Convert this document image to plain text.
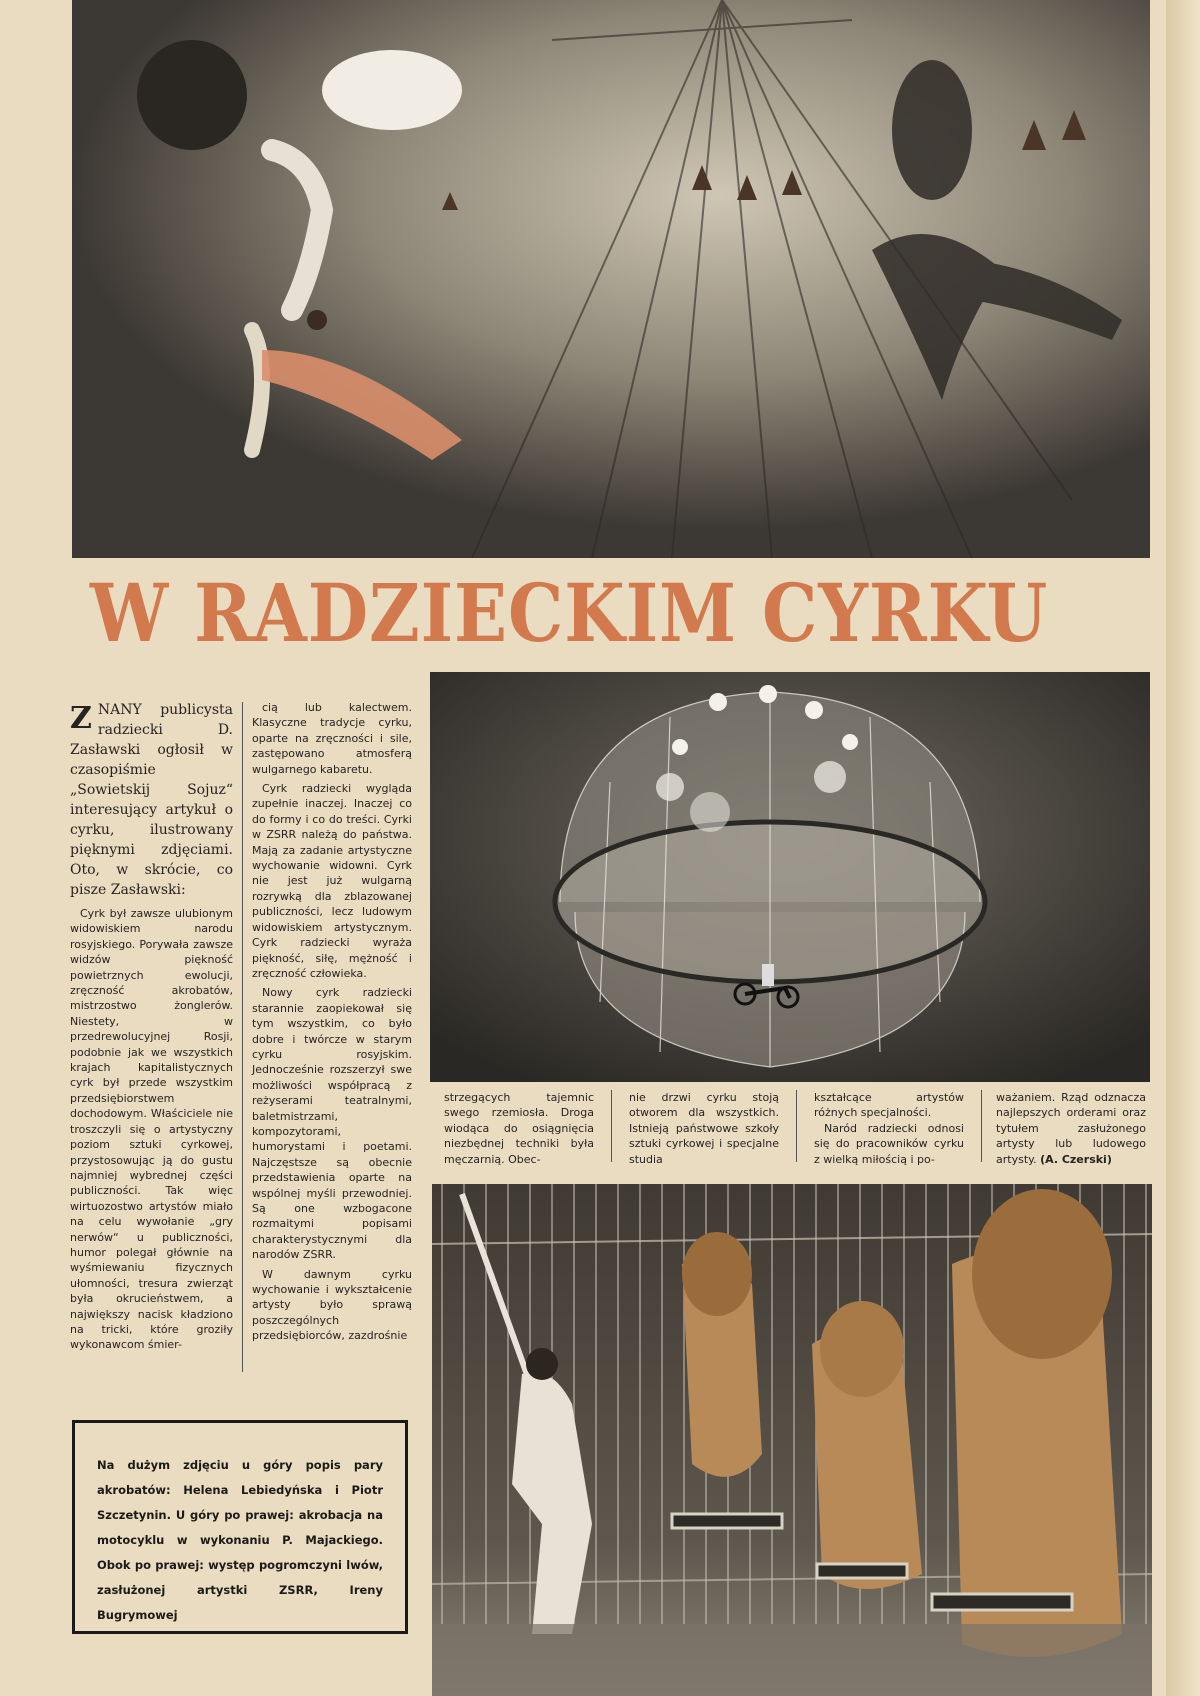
W RADZIECKIM CYRKU

ZNANY publicysta radziecki D. Zasławski ogłosił w czasopiśmie „Sowietskij Sojuz“ interesujący artykuł o cyrku, ilustrowany pięknymi zdjęciami. Oto, w skrócie, co pisze Zasławski:

Cyrk był zawsze ulubionym widowiskiem narodu rosyjskiego. Porywała zawsze widzów piękność powietrznych ewolucji, zręczność akrobatów, mistrzostwo żonglerów. Niestety, w przedrewolucyjnej Rosji, podobnie jak we wszystkich krajach kapitalistycznych cyrk był przede wszystkim przedsiębiorstwem dochodowym. Właściciele nie troszczyli się o artystyczny poziom sztuki cyrkowej, przystosowując ją do gustu najmniej wybrednej części publiczności. Tak więc wirtuozostwo artystów miało na celu wywołanie „gry nerwów“ u publiczności, humor polegał głównie na wyśmiewaniu fizycznych ułomności, tresura zwierząt była okrucieństwem, a największy nacisk kładziono na tricki, które groziły wykonawcom śmier-

cią lub kalectwem. Klasyczne tradycje cyrku, oparte na zręczności i sile, zastępowano atmosferą wulgarnego kabaretu.

Cyrk radziecki wygląda zupełnie inaczej. Inaczej co do formy i co do treści. Cyrki w ZSRR należą do państwa. Mają za zadanie artystyczne wychowanie widowni. Cyrk nie jest już wulgarną rozrywką dla zblazowanej publiczności, lecz ludowym widowiskiem artystycznym. Cyrk radziecki wyraża piękność, siłę, mężność i zręczność człowieka.

Nowy cyrk radziecki starannie zaopiekował się tym wszystkim, co było dobre i twórcze w starym cyrku rosyjskim. Jednocześnie rozszerzył swe możliwości współpracą z reżyserami teatralnymi, baletmistrzami, kompozytorami, humorystami i poetami. Najczęstsze są obecnie przedstawienia oparte na wspólnej myśli przewodniej. Są one wzbogacone rozmaitymi popisami charakterystycznymi dla narodów ZSRR.

W dawnym cyrku wychowanie i wykształcenie artysty było sprawą poszczególnych przedsiębiorców, zazdrośnie

strzegących tajemnic swego rzemiosła. Droga wiodąca do osiągnięcia niezbędnej techniki była męczarnią. Obec-

nie drzwi cyrku stoją otworem dla wszystkich. Istnieją państwowe szkoły sztuki cyrkowej i specjalne studia

kształcące artystów różnych specjalności.

Naród radziecki odnosi się do pracowników cyrku z wielką miłością i po-

ważaniem. Rząd odznacza najlepszych orderami oraz tytułem zasłużonego artysty lub ludowego artysty. (A. Czerski)

Na dużym zdjęciu u góry popis pary akrobatów: Helena Lebiedyńska i Piotr Szczetynin. U góry po prawej: akrobacja na motocyklu w wykonaniu P. Majackiego. Obok po prawej: występ pogromczyni lwów, zasłużonej artystki ZSRR, Ireny Bugrymowej
